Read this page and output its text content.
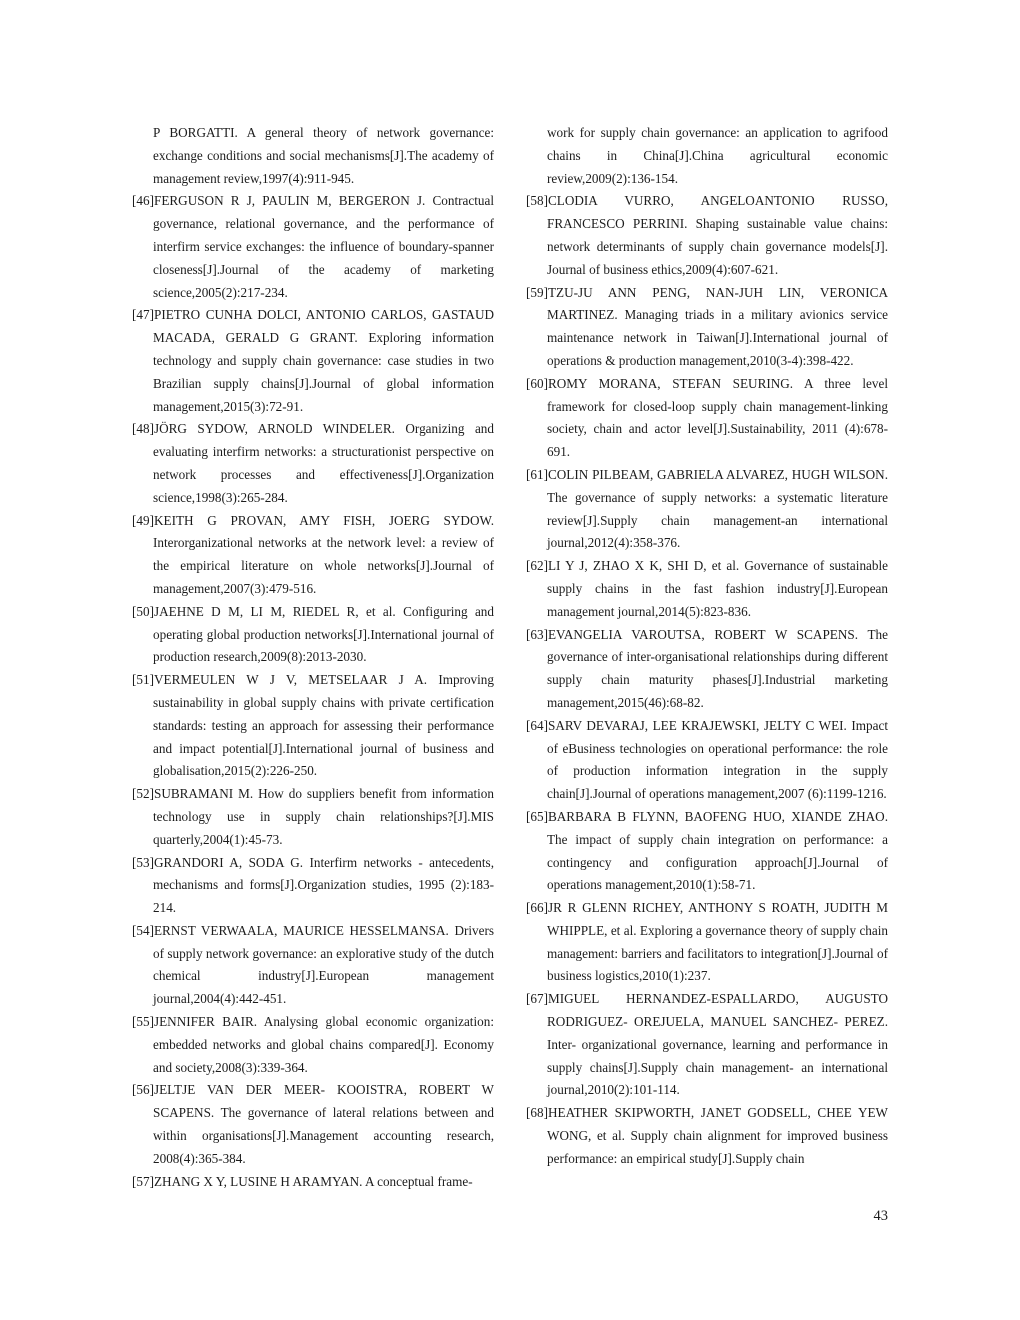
P BORGATTI. A general theory of network governance: exchange conditions and social mechanisms[J].The academy of management review,1997(4):911-945.

[46]FERGUSON R J, PAULIN M, BERGERON J. Contractual governance, relational governance, and the performance of interfirm service exchanges: the influence of boundary-spanner closeness[J].Journal of the academy of marketing science,2005(2):217-234.

[47]PIETRO CUNHA DOLCI, ANTONIO CARLOS, GASTAUD MACADA, GERALD G GRANT. Exploring information technology and supply chain governance: case studies in two Brazilian supply chains[J].Journal of global information management,2015(3):72-91.

[48]JÖRG SYDOW, ARNOLD WINDELER. Organizing and evaluating interfirm networks: a structurationist perspective on network processes and effectiveness[J].Organization science,1998(3):265-284.

[49]KEITH G PROVAN, AMY FISH, JOERG SYDOW. Interorganizational networks at the network level: a review of the empirical literature on whole networks[J].Journal of management,2007(3):479-516.

[50]JAEHNE D M, LI M, RIEDEL R, et al. Configuring and operating global production networks[J].International journal of production research,2009(8):2013-2030.

[51]VERMEULEN W J V, METSELAAR J A. Improving sustainability in global supply chains with private certification standards: testing an approach for assessing their performance and impact potential[J].International journal of business and globalisation,2015(2):226-250.

[52]SUBRAMANI M. How do suppliers benefit from information technology use in supply chain relationships?[J].MIS quarterly,2004(1):45-73.

[53]GRANDORI A, SODA G. Interfirm networks - antecedents, mechanisms and forms[J].Organization studies, 1995 (2):183-214.

[54]ERNST VERWAALA, MAURICE HESSELMANSA. Drivers of supply network governance: an explorative study of the dutch chemical industry[J].European management journal,2004(4):442-451.

[55]JENNIFER BAIR. Analysing global economic organization: embedded networks and global chains compared[J]. Economy and society,2008(3):339-364.

[56]JELTJE VAN DER MEER- KOOISTRA, ROBERT W SCAPENS. The governance of lateral relations between and within organisations[J].Management accounting research, 2008(4):365-384.

[57]ZHANG X Y, LUSINE H ARAMYAN. A conceptual frame-

work for supply chain governance: an application to agrifood chains in China[J].China agricultural economic review,2009(2):136-154.

[58]CLODIA VURRO, ANGELOANTONIO RUSSO, FRANCESCO PERRINI. Shaping sustainable value chains: network determinants of supply chain governance models[J]. Journal of business ethics,2009(4):607-621.

[59]TZU-JU ANN PENG, NAN-JUH LIN, VERONICA MARTINEZ. Managing triads in a military avionics service maintenance network in Taiwan[J].International journal of operations & production management,2010(3-4):398-422.

[60]ROMY MORANA, STEFAN SEURING. A three level framework for closed-loop supply chain management-linking society, chain and actor level[J].Sustainability, 2011 (4):678-691.

[61]COLIN PILBEAM, GABRIELA ALVAREZ, HUGH WILSON. The governance of supply networks: a systematic literature review[J].Supply chain management-an international journal,2012(4):358-376.

[62]LI Y J, ZHAO X K, SHI D, et al. Governance of sustainable supply chains in the fast fashion industry[J].European management journal,2014(5):823-836.

[63]EVANGELIA VAROUTSA, ROBERT W SCAPENS. The governance of inter-organisational relationships during different supply chain maturity phases[J].Industrial marketing management,2015(46):68-82.

[64]SARV DEVARAJ, LEE KRAJEWSKI, JELTY C WEI. Impact of eBusiness technologies on operational performance: the role of production information integration in the supply chain[J].Journal of operations management,2007 (6):1199-1216.

[65]BARBARA B FLYNN, BAOFENG HUO, XIANDE ZHAO. The impact of supply chain integration on performance: a contingency and configuration approach[J].Journal of operations management,2010(1):58-71.

[66]JR R GLENN RICHEY, ANTHONY S ROATH, JUDITH M WHIPPLE, et al. Exploring a governance theory of supply chain management: barriers and facilitators to integration[J].Journal of business logistics,2010(1):237.

[67]MIGUEL HERNANDEZ-ESPALLARDO, AUGUSTO RODRIGUEZ- OREJUELA, MANUEL SANCHEZ- PEREZ. Inter- organizational governance, learning and performance in supply chains[J].Supply chain management- an international journal,2010(2):101-114.

[68]HEATHER SKIPWORTH, JANET GODSELL, CHEE YEW WONG, et al. Supply chain alignment for improved business performance: an empirical study[J].Supply chain

43
